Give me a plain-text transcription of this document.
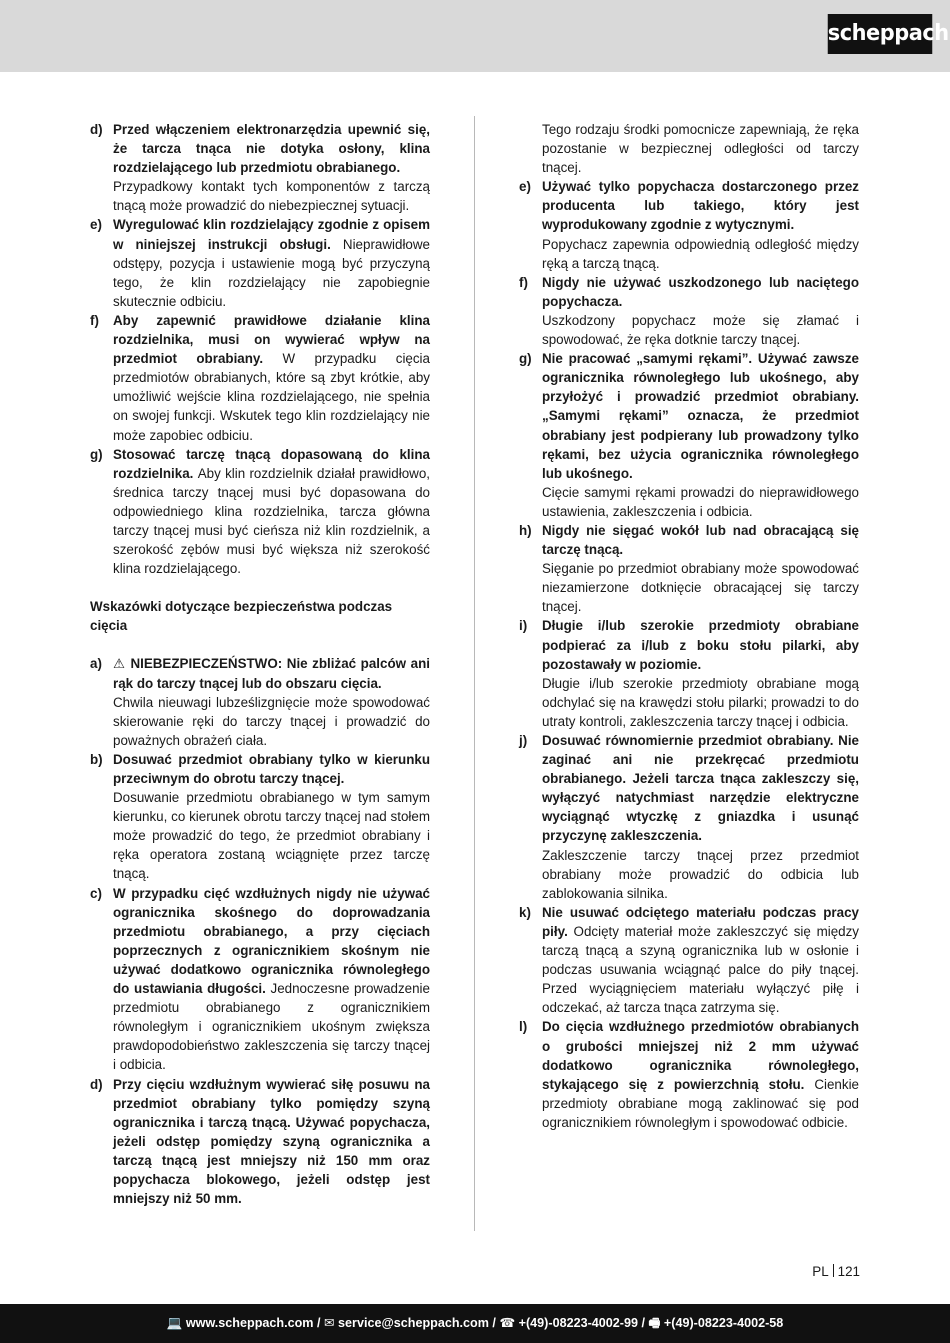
scheppach
d) Przed włączeniem elektronarzędzia upewnić się, że tarcza tnąca nie dotyka osłony, klina rozdzielającego lub przedmiotu obrabianego.
Przypadkowy kontakt tych komponentów z tarczą tnącą może prowadzić do niebezpiecznej sytuacji.
e) Wyregulować klin rozdzielający zgodnie z opisem w niniejszej instrukcji obsługi. Nieprawidłowe odstępy, pozycja i ustawienie mogą być przyczyną tego, że klin rozdzielający nie zapobiegnie skutecznie odbiciu.
f)	Aby zapewnić prawidłowe działanie klina rozdzielnika, musi on wywierać wpływ na przedmiot obrabiany. W przypadku cięcia przedmiotów obrabianych, które są zbyt krótkie, aby umożliwić wejście klina rozdzielającego, nie spełnia on swojej funkcji. Wskutek tego klin rozdzielający nie może zapobiec odbiciu.
g) Stosować tarczę tnącą dopasowaną do klina rozdzielnika. Aby klin rozdzielnik działał prawidłowo, średnica tarczy tnącej musi być dopasowana do odpowiedniego klina rozdzielnika, tarcza główna tarczy tnącej musi być cieńsza niż klin rozdzielnik, a szerokość zębów musi być większa niż szerokość klina rozdzielającego.
Wskazówki dotyczące bezpieczeństwa podczas cięcia
a) ⚠ NIEBEZPIECZEŃSTWO: Nie zbliżać palców ani rąk do tarczy tnącej lub do obszaru cięcia.
Chwila nieuwagi lubześlizgnięcie może spowodować skierowanie ręki do tarczy tnącej i prowadzić do poważnych obrażeń ciała.
b) Dosuwać przedmiot obrabiany tylko w kierunku przeciwnym do obrotu tarczy tnącej.
Dosuwanie przedmiotu obrabianego w tym samym kierunku, co kierunek obrotu tarczy tnącej nad stołem może prowadzić do tego, że przedmiot obrabiany i ręka operatora zostaną wciągnięte przez tarczę tnącą.
c) W przypadku cięć wzdłużnych nigdy nie używać ogranicznika skośnego do doprowadzania przedmiotu obrabianego, a przy cięciach poprzecznych z ogranicznikiem skośnym nie używać dodatkowo ogranicznika równoległego do ustawiania długości. Jednoczesne prowadzenie przedmiotu obrabianego z ogranicznikiem równoległym i ogranicznikiem ukośnym zwiększa prawdopodobieństwo zakleszczenia się tarczy tnącej i odbicia.
d) Przy cięciu wzdłużnym wywierać siłę posuwu na przedmiot obrabiany tylko pomiędzy szyną ogranicznika i tarczą tnącą. Używać popychacza, jeżeli odstęp pomiędzy szyną ogranicznika a tarczą tnącą jest mniejszy niż 150 mm oraz popychacza blokowego, jeżeli odstęp jest mniejszy niż 50 mm.
Tego rodzaju środki pomocnicze zapewniają, że ręka pozostanie w bezpiecznej odległości od tarczy tnącej.
e) Używać tylko popychacza dostarczonego przez producenta lub takiego, który jest wyprodukowany zgodnie z wytycznymi.
Popychacz zapewnia odpowiednią odległość między ręką a tarczą tnącą.
f)	Nigdy nie używać uszkodzonego lub naciętego popychacza.
Uszkodzony popychacz może się złamać i spowodować, że ręka dotknie tarczy tnącej.
g) Nie pracować „samymi rękami”. Używać zawsze ogranicznika równoległego lub ukośnego, aby przyłożyć i prowadzić przedmiot obrabiany. „Samymi rękami” oznacza, że przedmiot obrabiany jest podpierany lub prowadzony tylko rękami, bez użycia ogranicznika równoległego lub ukośnego.
Cięcie samymi rękami prowadzi do nieprawidłowego ustawienia, zakleszczenia i odbicia.
h) Nigdy nie sięgać wokół lub nad obracającą się tarczę tnącą.
Sięganie po przedmiot obrabiany może spowodować niezamierzone dotknięcie obracającej się tarczy tnącej.
i)	Długie i/lub szerokie przedmioty obrabiane podpierać za i/lub z boku stołu pilarki, aby pozostawały w poziomie.
Długie i/lub szerokie przedmioty obrabiane mogą odchylać się na krawędzi stołu pilarki; prowadzi to do utraty kontroli, zakleszczenia tarczy tnącej i odbicia.
j)	Dosuwać równomiernie przedmiot obrabiany. Nie zaginać ani nie przekręcać przedmiotu obrabianego. Jeżeli tarcza tnąca zakleszczy się, wyłączyć natychmiast narzędzie elektryczne wyciągnąć wtyczkę z gniazdka i usunąć przyczynę zakleszczenia.
Zakleszczenie tarczy tnącej przez przedmiot obrabiany może prowadzić do odbicia lub zablokowania silnika.
k) Nie usuwać odciętego materiału podczas pracy piły. Odcięty materiał może zakleszczyć się między tarczą tnącą a szyną ogranicznika lub w osłonie i podczas usuwania wciągnąć palce do piły tnącej. Przed wyciągnięciem materiału wyłączyć piłę i odczekać, aż tarcza tnąca zatrzyma się.
l)	Do cięcia wzdłużnego przedmiotów obrabianych o grubości mniejszej niż 2 mm używać dodatkowo ogranicznika równoległego, stykającego się z powierzchnią stołu. Cienkie przedmioty obrabiane mogą zaklinować się pod ogranicznikiem równoległym i spowodować odbicie.
PL 121
💻 www.scheppach.com / ✉ service@scheppach.com / ☎ +(49)-08223-4002-99 / 🖷 +(49)-08223-4002-58
